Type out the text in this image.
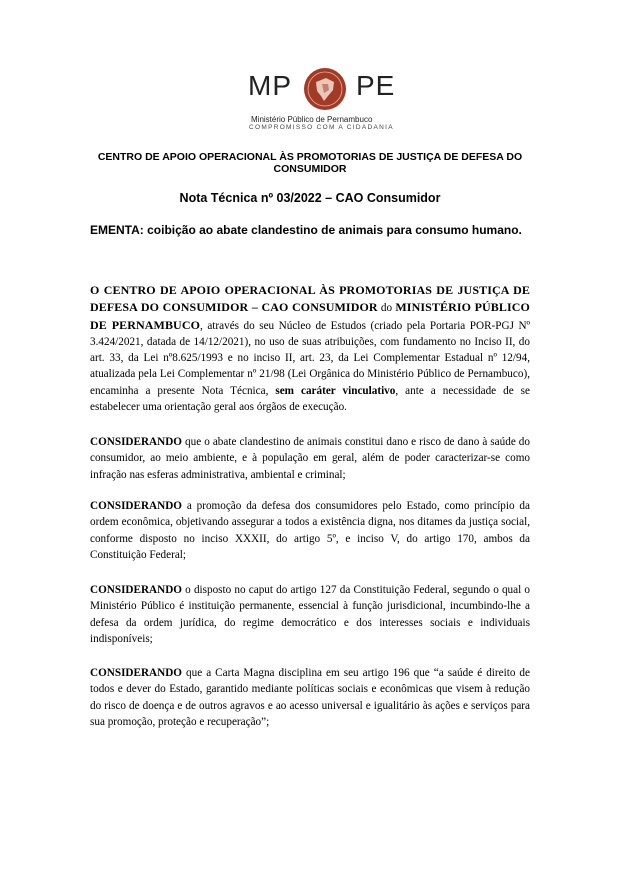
MP PE
Ministério Público de Pernambuco
COMPROMISSO COM A CIDADANIA
CENTRO DE APOIO OPERACIONAL ÀS PROMOTORIAS DE JUSTIÇA DE DEFESA DO CONSUMIDOR
Nota Técnica nº 03/2022 – CAO Consumidor
EMENTA: coibição ao abate clandestino de animais para consumo humano.
O CENTRO DE APOIO OPERACIONAL ÀS PROMOTORIAS DE JUSTIÇA DE DEFESA DO CONSUMIDOR – CAO CONSUMIDOR do MINISTÉRIO PÚBLICO DE PERNAMBUCO, através do seu Núcleo de Estudos (criado pela Portaria POR-PGJ Nº 3.424/2021, datada de 14/12/2021), no uso de suas atribuições, com fundamento no Inciso II, do art. 33, da Lei nº8.625/1993 e no inciso II, art. 23, da Lei Complementar Estadual nº 12/94, atualizada pela Lei Complementar nº 21/98 (Lei Orgânica do Ministério Público de Pernambuco), encaminha a presente Nota Técnica, sem caráter vinculativo, ante a necessidade de se estabelecer uma orientação geral aos órgãos de execução.
CONSIDERANDO que o abate clandestino de animais constitui dano e risco de dano à saúde do consumidor, ao meio ambiente, e à população em geral, além de poder caracterizar-se como infração nas esferas administrativa, ambiental e criminal;
CONSIDERANDO a promoção da defesa dos consumidores pelo Estado, como princípio da ordem econômica, objetivando assegurar a todos a existência digna, nos ditames da justiça social, conforme disposto no inciso XXXII, do artigo 5º, e inciso V, do artigo 170, ambos da Constituição Federal;
CONSIDERANDO o disposto no caput do artigo 127 da Constituição Federal, segundo o qual o Ministério Público é instituição permanente, essencial à função jurisdicional, incumbindo-lhe a defesa da ordem jurídica, do regime democrático e dos interesses sociais e individuais indisponíveis;
CONSIDERANDO que a Carta Magna disciplina em seu artigo 196 que “a saúde é direito de todos e dever do Estado, garantido mediante políticas sociais e econômicas que visem à redução do risco de doença e de outros agravos e ao acesso universal e igualitário às ações e serviços para sua promoção, proteção e recuperação”;
